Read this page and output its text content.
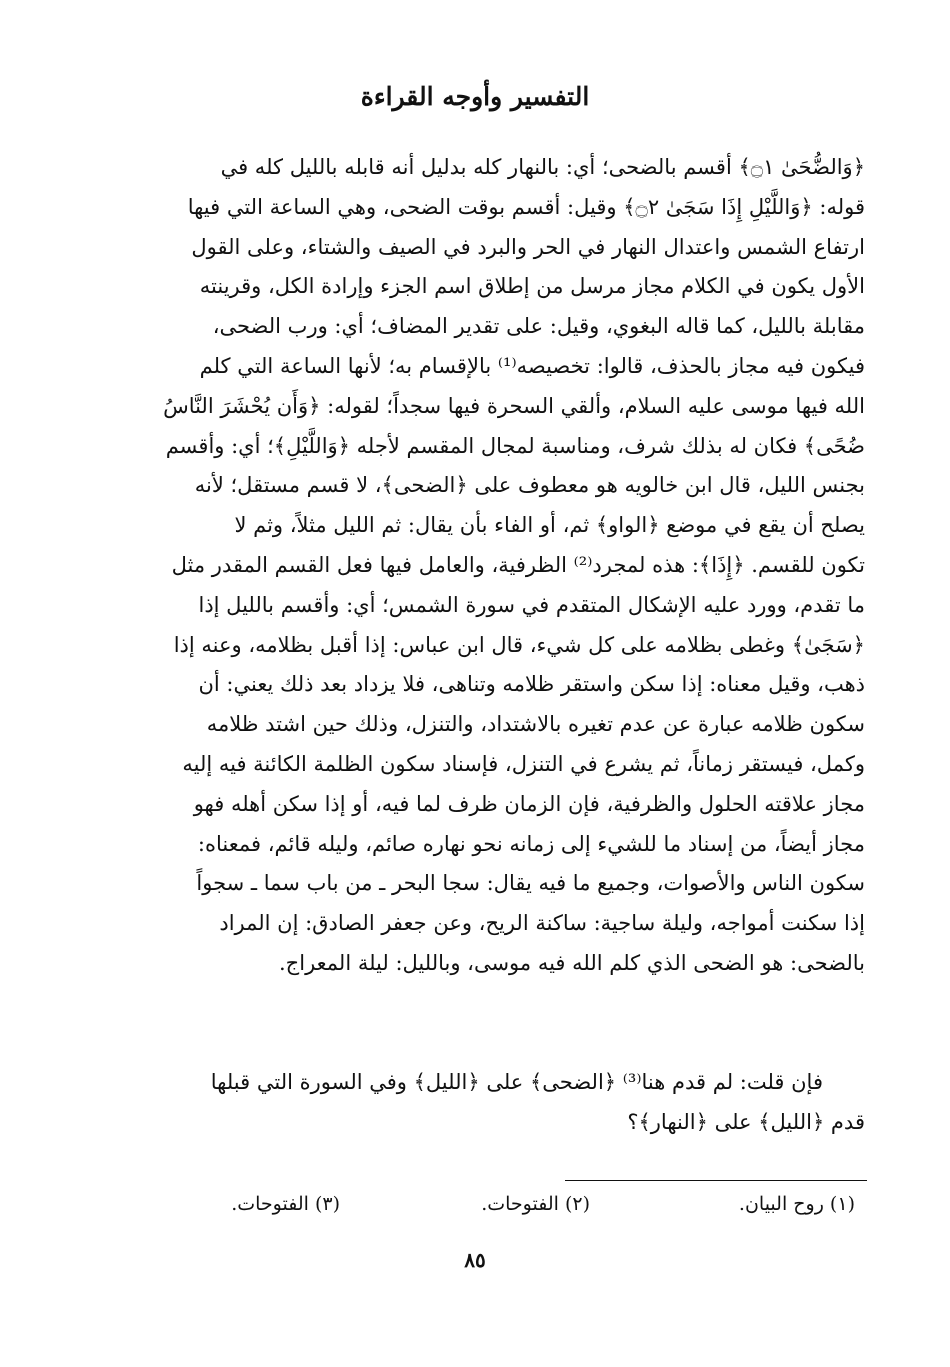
التفسير وأوجه القراءة
﴿وَالضُّحَىٰ ۝١﴾ أقسم بالضحى؛ أي: بالنهار كله بدليل أنه قابله بالليل كله في
قوله: ﴿وَاللَّيْلِ إِذَا سَجَىٰ ۝٢﴾ وقيل: أقسم بوقت الضحى، وهي الساعة التي فيها
ارتفاع الشمس واعتدال النهار في الحر والبرد في الصيف والشتاء، وعلى القول
الأول يكون في الكلام مجاز مرسل من إطلاق اسم الجزء وإرادة الكل، وقرينته
مقابلة بالليل، كما قاله البغوي، وقيل: على تقدير المضاف؛ أي: ورب الضحى،
فيكون فيه مجاز بالحذف، قالوا: تخصيصه⁽¹⁾ بالإقسام به؛ لأنها الساعة التي كلم
الله فيها موسى عليه السلام، وألقي السحرة فيها سجداً؛ لقوله: ﴿وَأَن يُحْشَرَ النَّاسُ
ضُحًى﴾ فكان له بذلك شرف، ومناسبة لمجال المقسم لأجله ﴿وَاللَّيْلِ﴾؛ أي: وأقسم
بجنس الليل، قال ابن خالويه هو معطوف على ﴿الضحى﴾، لا قسم مستقل؛ لأنه
يصلح أن يقع في موضع ﴿الواو﴾ ثم، أو الفاء بأن يقال: ثم الليل مثلاً، وثم لا
تكون للقسم. ﴿إِذَا﴾: هذه لمجرد⁽²⁾ الظرفية، والعامل فيها فعل القسم المقدر مثل
ما تقدم، وورد عليه الإشكال المتقدم في سورة الشمس؛ أي: وأقسم بالليل إذا
﴿سَجَىٰ﴾ وغطى بظلامه على كل شيء، قال ابن عباس: إذا أقبل بظلامه، وعنه إذا
ذهب، وقيل معناه: إذا سكن واستقر ظلامه وتناهى، فلا يزداد بعد ذلك يعني: أن
سكون ظلامه عبارة عن عدم تغيره بالاشتداد، والتنزل، وذلك حين اشتد ظلامه
وكمل، فيستقر زماناً، ثم يشرع في التنزل، فإسناد سكون الظلمة الكائنة فيه إليه
مجاز علاقته الحلول والظرفية، فإن الزمان ظرف لما فيه، أو إذا سكن أهله فهو
مجاز أيضاً، من إسناد ما للشيء إلى زمانه نحو نهاره صائم، وليله قائم، فمعناه:
سكون الناس والأصوات، وجميع ما فيه يقال: سجا البحر ـ من باب سما ـ سجواً
إذا سكنت أمواجه، وليلة ساجية: ساكنة الريح، وعن جعفر الصادق: إن المراد
بالضحى: هو الضحى الذي كلم الله فيه موسى، وبالليل: ليلة المعراج.
فإن قلت: لم قدم هنا⁽³⁾ ﴿الضحى﴾ على ﴿الليل﴾ وفي السورة التي قبلها
قدم ﴿الليل﴾ على ﴿النهار﴾؟
(١) روح البيان.
(٢) الفتوحات.
(٣) الفتوحات.
٨٥
